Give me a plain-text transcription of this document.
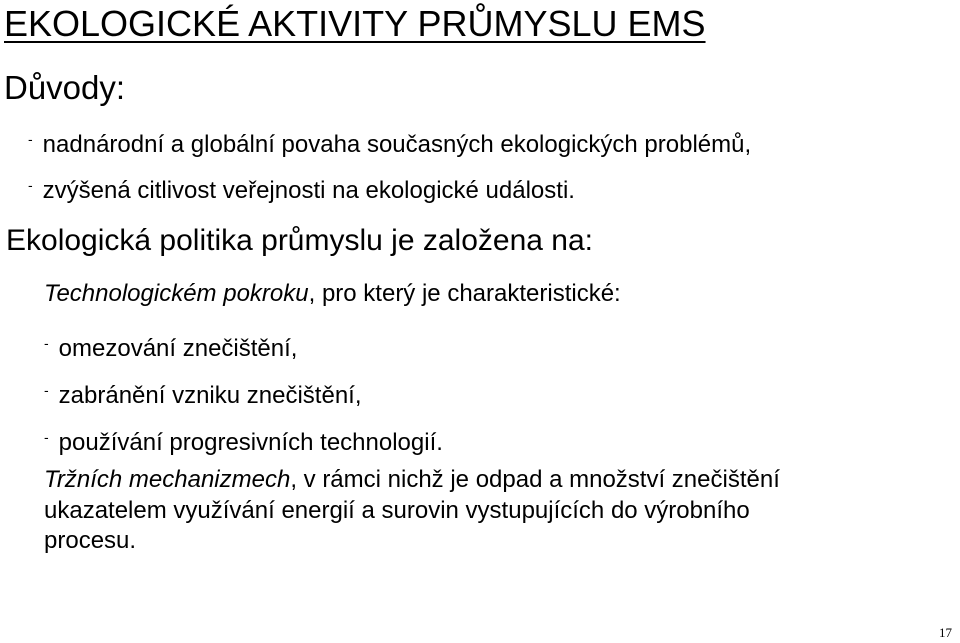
EKOLOGICKÉ AKTIVITY PRŮMYSLU EMS
Důvody:
- nadnárodní a globální povaha současných ekologických problémů,
- zvýšená citlivost veřejnosti na ekologické události.
Ekologická politika průmyslu je založena na:
Technologickém pokroku, pro který je charakteristické:
- omezování znečištění,
- zabránění vzniku znečištění,
- používání progresivních technologií.
Tržních mechanizmech, v rámci nichž je odpad a množství znečištění
ukazatelem využívání energií a surovin vystupujících do výrobního
procesu.
17
